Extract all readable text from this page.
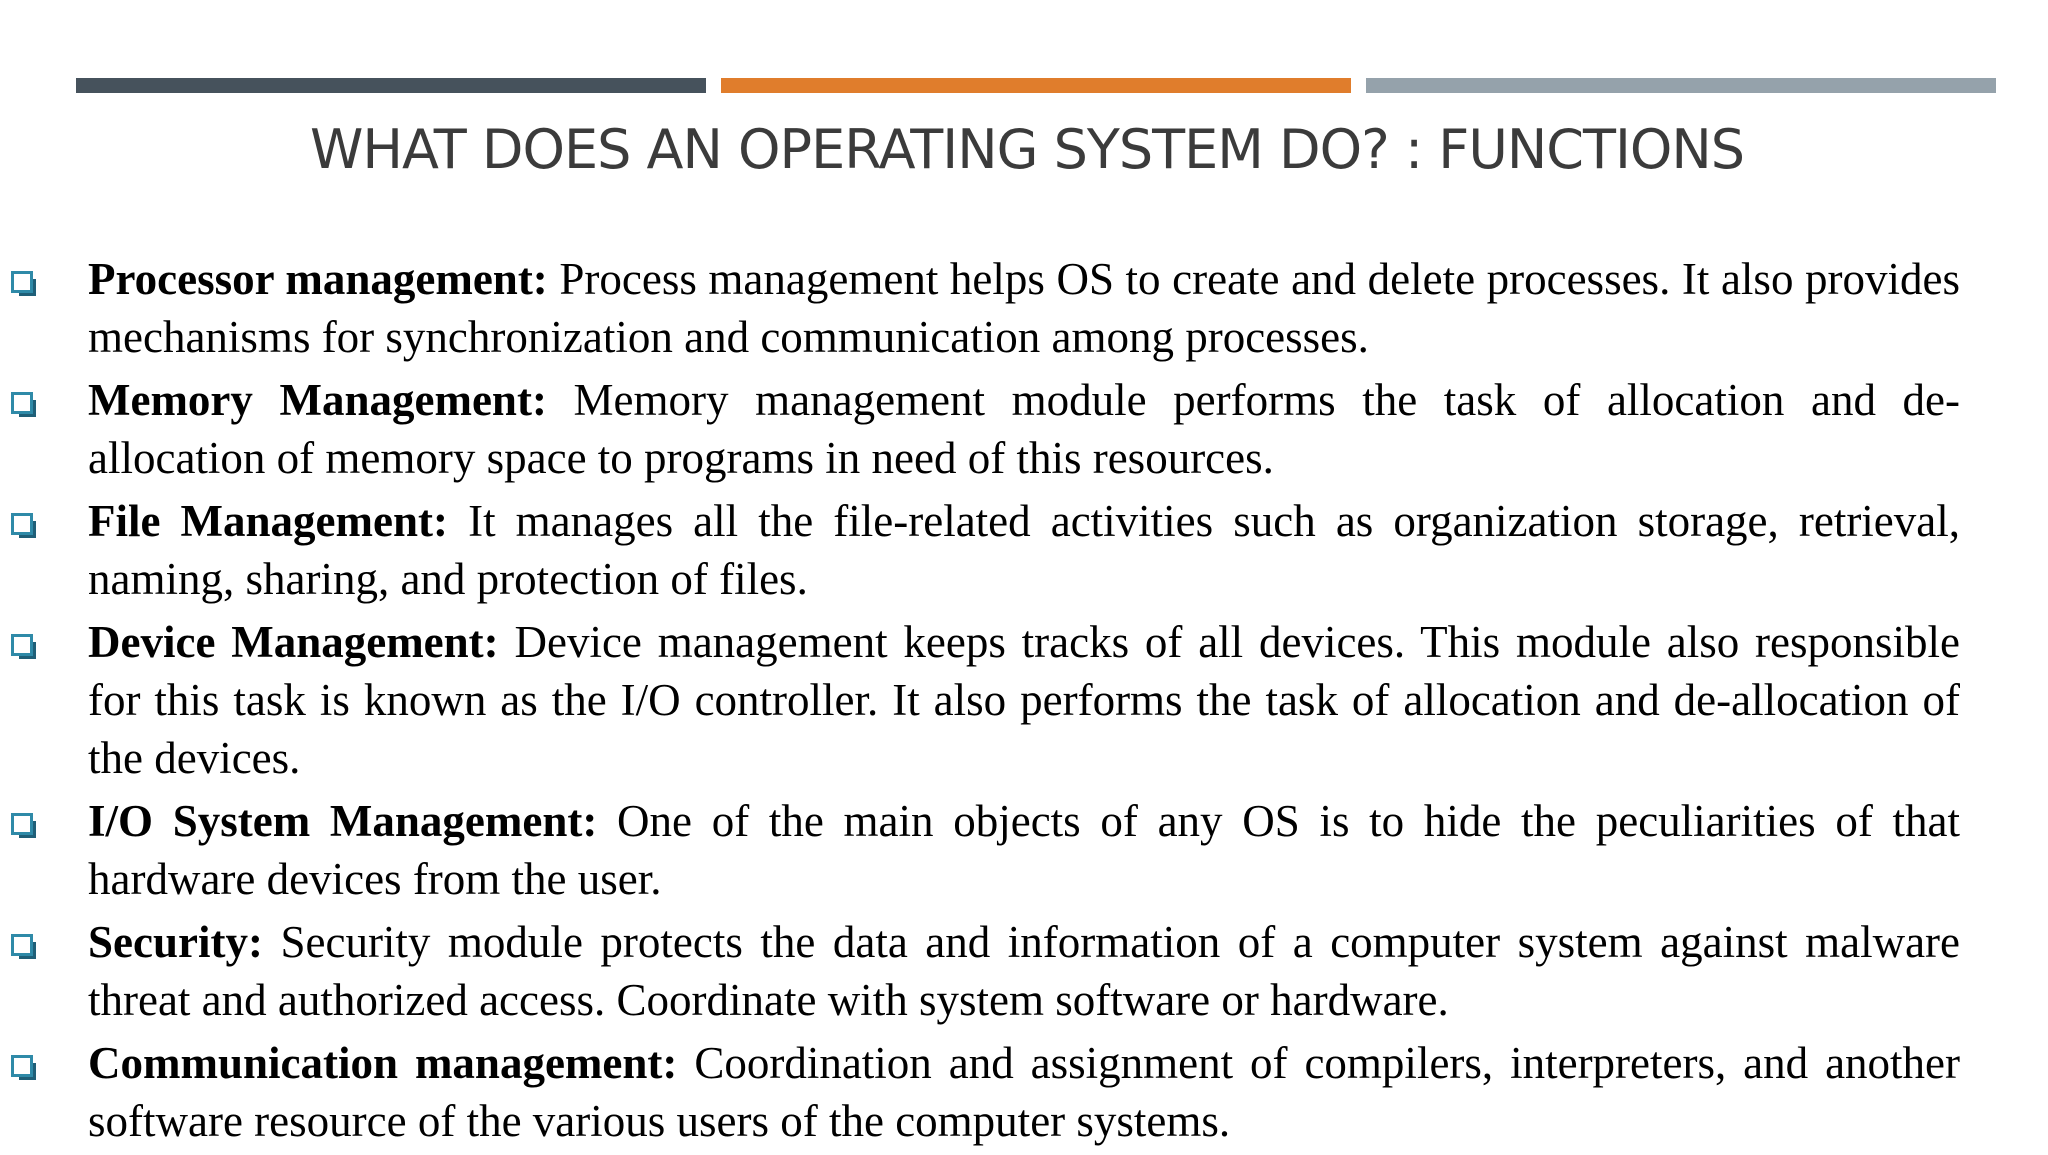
WHAT DOES AN OPERATING SYSTEM DO? : FUNCTIONS
Processor management: Process management helps OS to create and delete processes. It also provides mechanisms for synchronization and communication among processes.
Memory Management: Memory management module performs the task of allocation and de-allocation of memory space to programs in need of this resources.
File Management: It manages all the file-related activities such as organization storage, retrieval, naming, sharing, and protection of files.
Device Management: Device management keeps tracks of all devices. This module also responsible for this task is known as the I/O controller. It also performs the task of allocation and de-allocation of the devices.
I/O System Management: One of the main objects of any OS is to hide the peculiarities of that hardware devices from the user.
Security: Security module protects the data and information of a computer system against malware threat and authorized access. Coordinate with system software or hardware.
Communication management: Coordination and assignment of compilers, interpreters, and another software resource of the various users of the computer systems.
